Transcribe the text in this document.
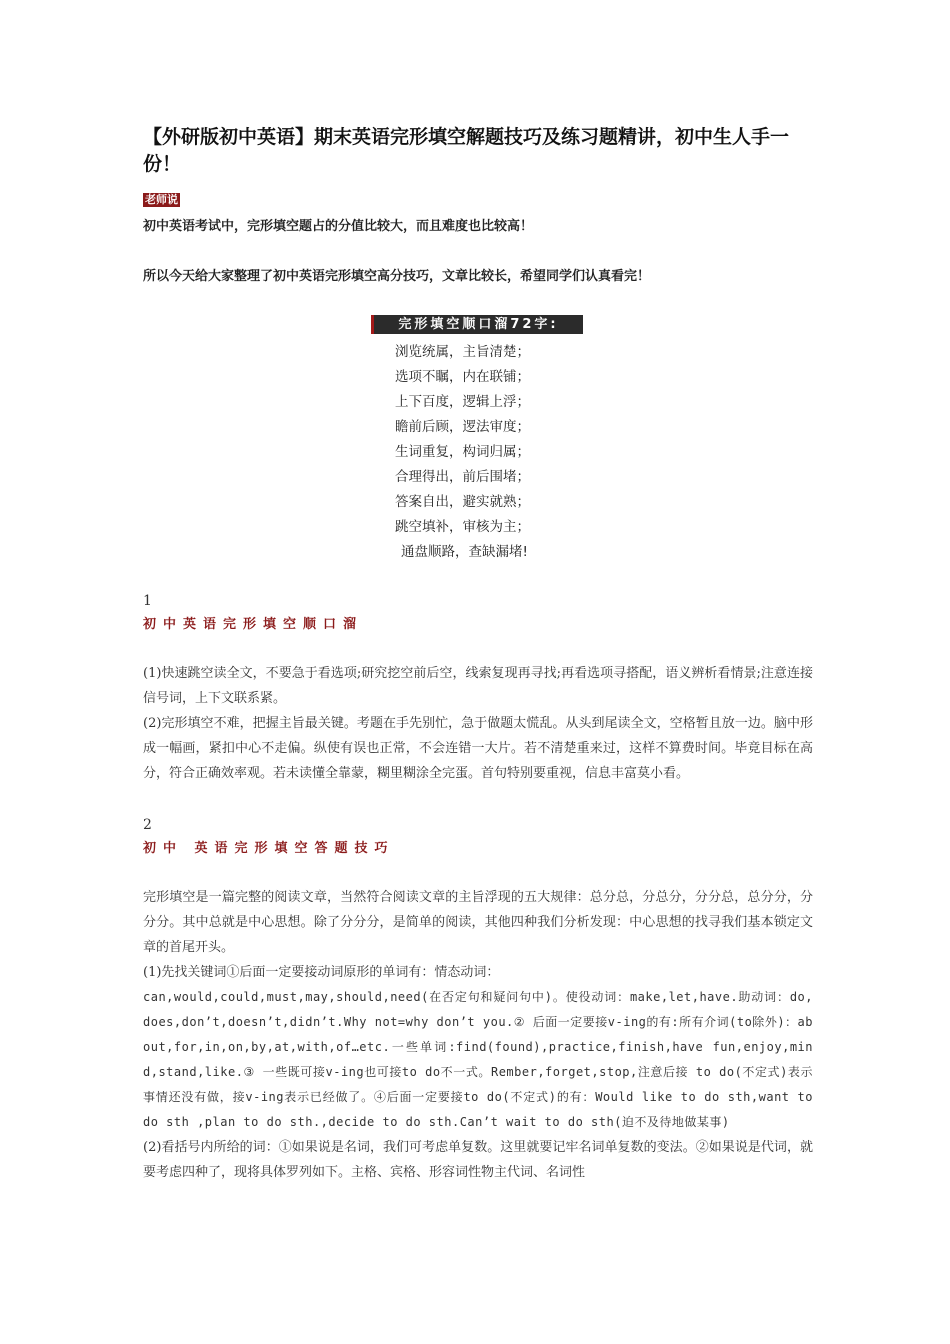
【外研版初中英语】期末英语完形填空解题技巧及练习题精讲，初中生人手一份！
老师说
初中英语考试中，完形填空题占的分值比较大，而且难度也比较高！
所以今天给大家整理了初中英语完形填空高分技巧，文章比较长，希望同学们认真看完！
完形填空顺口溜72字:
浏览统属，主旨清楚；
选项不瞩，内在联铺；
上下百度，逻辑上浮；
瞻前后顾，逻法审度；
生词重复，构词归属；
合理得出，前后围堵；
答案自出，避实就熟；
跳空填补，审核为主；
通盘顺路，查缺漏堵!
1
初中英语完形填空顺口溜

(1)快速跳空读全文，不要急于看选项;研究挖空前后空，线索复现再寻找;再看选项寻搭配，语义辨析看情景;注意连接信号词，上下文联系紧。

(2)完形填空不难，把握主旨最关键。考题在手先别忙，急于做题太慌乱。从头到尾读全文，空格暂且放一边。脑中形成一幅画，紧扣中心不走偏。纵使有误也正常，不会连错一大片。若不清楚重来过，这样不算费时间。毕竟目标在高分，符合正确效率观。若未读懂全靠蒙，糊里糊涂全完蛋。首句特别要重视，信息丰富莫小看。

2
初中 英语完形填空答题技巧

完形填空是一篇完整的阅读文章，当然符合阅读文章的主旨浮现的五大规律：总分总，分总分，分分总，总分分，分分分。其中总就是中心思想。除了分分分，是简单的阅读，其他四种我们分析发现：中心思想的找寻我们基本锁定文章的首尾开头。

(1)先找关键词①后面一定要接动词原形的单词有：情态动词：

can,would,could,must,may,should,need(在否定句和疑问句中)。使役动词：make,let,have.助动词：do,does,don’t,doesn’t,didn’t.Why not=why don’t you.② 后面一定要接v-ing的有:所有介词(to除外)：about,for,in,on,by,at,with,of…etc.一些单词:find(found),practice,finish,have fun,enjoy,mind,stand,like.③ 一些既可接v-ing也可接to do不一式。Rember,forget,stop,注意后接 to do(不定式)表示事情还没有做，接v-ing表示已经做了。④后面一定要接to do(不定式)的有：Would like to do sth,want to do sth ,plan to do sth.,decide to do sth.Can’t wait to do sth(迫不及待地做某事)

(2)看括号内所给的词：①如果说是名词，我们可考虑单复数。这里就要记牢名词单复数的变法。②如果说是代词，就要考虑四种了，现将具体罗列如下。主格、宾格、形容词性物主代词、名词性
